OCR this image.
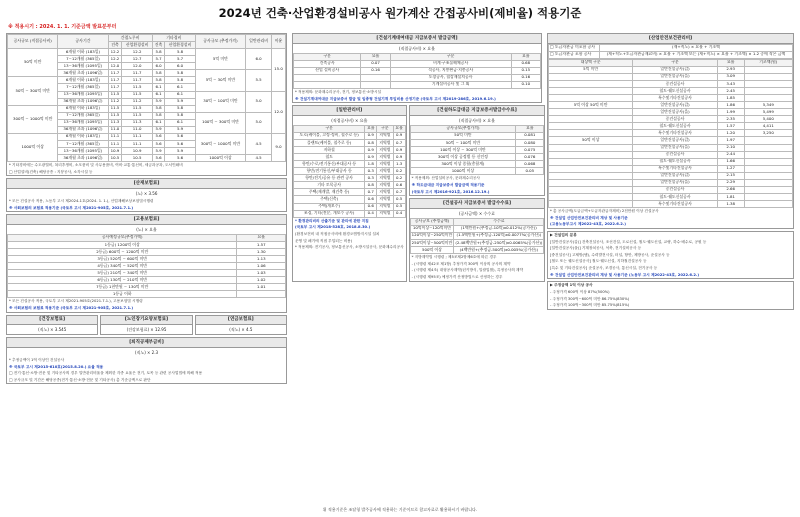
2024년 건축·산업환경설비공사 원가계산 간접공사비(제비율) 적용기준
※ 적용시기 : 2024. 1. 1. 기준금액 발표분부터
공사규모 (직접공사비)	공사기간	간접노무비		기타경비		공사규모 (추정가격)	일반관리비	이윤
		건축	산업환경설비	건축	산업환경설비			
50억 미만	6개월 이하 (183일)	12.2	12.2	5.8	5.8	5억 미만	6.0	15.0
	7~12개월 (365일)	12.2	12.7	5.7	5.7			
	13~36개월 (1095일)	12.0	12.0	6.0	6.0			
	36개월 초과 (1096일)	11.7	11.7	5.8	5.8	5억 ~ 30억 미만	5.5	
50억 ~ 300억 미만	6개월 이하 (183일)	11.7	11.7	5.8	5.8			
	7~12개월 (365일)	11.7	11.5	6.1	6.1			
	13~36개월 (1095일)	11.5	11.5	6.1	6.1	30억 ~ 100억 미만	5.0	12.0
	36개월 초과 (1096일)	11.2	11.2	5.9	5.9			
300억 ~ 1000억 미만	6개월 이하 (183일)	11.5	11.5	5.8	5.8			
	7~12개월 (365일)	11.5	11.5	5.8	5.8	100억 ~ 300억 미만	5.0	
	13~36개월 (1095일)	11.3	11.3	6.1	6.1			
	36개월 초과 (1096일)	11.0	11.0	5.9	5.9			
1000억 이상	6개월 이하 (183일)	11.1	11.1	5.6	5.6	300억 ~ 1000억 미만	4.5	9.0
	7~12개월 (365일)	11.1	11.1	5.6	5.6			
	13~36개월 (1095일)	10.9	10.9	5.9	5.9			
	36개월 초과 (1096일)	10.5	10.5	5.6	5.6	1000억 이상	4.5	
* 기타경비에는 수도광열비, 복리후생비, 소모품비 및 사무용품비, 여비·교통·통신비, 세금과공과, 도서인쇄비
□ 산업설비(건축) 해당공종 : 지붕공사, 소각시설 등
[산재보험료]
(노) × 3.56
* 모든 건설공사 적용, 노동부 고시 제2024-1호(2024. 1. 1.), 산업재해보상보험법시행령
※ 사회보험의 보험료 적용기준 (국토부 고시 제2021-905호, 2021.7.1.)
[고용보험료]
(노) × 요율
공사예정규모(추정가액)	요율
1등급) 1200억 이상	1.57
2등급) 600억 ~ 1200억 미만	1.30
3등급) 520억 ~ 600억 미만	1.13
4등급) 340억 ~ 520억 미만	1.06
5등급) 210억 ~ 340억 미만	1.03
6등급) 130억 ~ 210억 미만	1.02
7등급) 1천만원 ~ 130억 미만	1.01
1등급 이하	
* 모든 건설공사 적용, 국토부 고시 제2021-905호(2021.7.1.), 고용보험법 시행령
※ 사회보험의 보험료 적용기준 (국토부 고시 제2021-905호, 2021.7.1.)
[건강보험료]
(직노) × 3.545
[노인장기요양보험료]
(건강보험료) × 12.95
[연금보험료]
(직노) × 4.5
[퇴직공제부금비]
(직노) × 2.3
* 추정금액이 1억 이상인 건설공사
※ 국토부 고시 제2015-610호(2015.8.20.) 요율 적용
□ 전기·통신·소방·전문 및 기타공사의 경우 일반관리비율을 제외한 각종 요율은 전기, 토목 등 관련 공사업법에 의해 적용
□ 공사규모 및 기간은 해당공종(전기·통신·소방·전문 및 기타공사) 총 기준금액으로 판단
[건설기계대여대금 지급보증서 발급금액]
(직접공사비) × 요율
구분	요율	구분	요율
건축공사	0.07	비계·구조물해체공사	0.68
산업 설비공사	0.16	석공사, 지붕판금·지붕공사	0.15
		도장공사, 철강재설치공사	0.16
		기계설비공사 및 그 외	0.10
* 적용제외: 문화재수리공사, 전기, 정보통신·소방시설
※ 건설기계대여대금 지급보증서 발급 및 임종형 건설기계 투입비용 산정기준 (국토부 고시 제2019-286호, 2019.6.19.)
[일반관리비]
(직접공사비) × 요율
구분	요율	구분	요율
도로(케이블, 고정·정비, 철주로 등)	0.9	지역별	0.9
플랜트(케이블, 철주로 등)	0.8	지역별	0.7
지하철	0.9	지역별	0.9
철도	0.9	지역별	0.9
항만/수로/전기통신/부대공사 등	1.8	지역별	1.3
항만/전기통신/부대공사 등	0.3	지역별	0.2
항만/전기/공유 등 관련 공사	0.3	지역별	0.2
기타 토목공사	0.8	지역별	0.6
주택(재개발, 재건축 등)	0.7	지역별	0.7
주택(신축)	0.6	지역별	0.5
주택(개보수)	0.6	지역별	0.5
조경, 기타(전문, 개보수 공사)	0.4	지역별	0.4
* 환경관리비의 산출기준 및 관리에 관한 지침
(국토부 고시 제2018-528호, 2018.8.30.)
(환경보전비 내 직접공사비에 환경오염방지시설 설치
운영 및 폐기에 직접 투입되는 비용)
* 적용제외: 전기공사, 정보통신공사, 소방시설공사, 문화재수리공사
[건설하도급대금 지급보증서발급수수료]
(직접공사비) × 요율
공사규모(추정가격)	요율
50억 미만	0.081
50억 ~ 100억 미만	0.080
100억 이상 ~ 300억 미만	0.075
300억 이상 공정별 등 신인정	0.076
300억 이상 종합(총합계)	0.068
1000억 이상	0.05
* 적용제외: 산업설비공사, 문화재수리공사
※ 하도급대금 지급보증서 발급금액 적용기준
(국토부 고시 제2016-921호, 2016.12.19.)
[건설공사 지급보증서 발급수수료]
(공사금액) × 수수료
공사규모 (추정금액)	수수료
10억이상~120억미만	(1백만원+(추정금-10억)x0.012%(공가산))
120억이상~250억미만	(1.5백만원+(추정금-120억)x0.0077%(공가산))
250억이상~500억미만	(2.48백만원+(추정금-250억)x0.0065%(공가산))
500억 이상	(4백만원+(추정금-500억)x0.005%(공가산))
* 지방계약법 시행령 ; 제5조제2항제6호에 따른 경우
- (시행령 제42조 제1항) 추정가격 300억 이상의 공사의 계약
- (시행령 제4조) 대형공사계약(턴키방식, 일괄입찰), 특정공사의 계약
- (시행령 제95조) 예정가격 산정방법으로 산정하는 경우
[산업안전보건관리비]
□ 도급자관급 미포함 공사	(재+직노) × 요율 + 기초액
□ 도급자관급 포함 공사	(재+직노+도급자관급재료비) × 요율 + 기초액 또는 (재+직노) × 요율 + 기초액) × 1.2 중에 작은 금액
대상액 구분	구분	요율	기초액(원)
5억 미만	일반건설공사(갑)	2.93	
	일반건설공사(을)	3.09	
	중건설공사	3.43	
	철도·궤도신설공사	2.45	
	특수및기타건설공사	1.85	
5억 이상 50억 미만	일반건설공사(갑)	1.86	5,349
	일반건설공사(을)	1.99	5,499
	중건설공사	2.35	5,400
	철도·궤도신설공사	1.57	4,411
	특수및기타건설공사	1.20	3,250
50억 이상	일반건설공사(갑)	1.97	
	일반건설공사(을)	2.10	
	중건설공사	2.44	
	철도·궤도신설공사	1.66	
	특수및기타건설공사	1.27	
	일반건설공사(갑)	2.15	
	일반건설공사(을)	2.29	
	중건설공사	2.66	
	철도·궤도신설공사	1.81	
	특수및기타건설공사	1.38	
* 총 공사금액(도급금액+도급자관급자재비) 2천만원 이상 건설공사
※ 건설업 산업안전보건관리비 계상 및 사용기준
(고용노동부고시 제2022-43호, 2022.6.2.)
▶ 건설업의 분류
[일반건설공사(갑)] 건축건설공사, 조선건설, 도로신설, 철도·궤도신설, 교량, 하수·배수로, 공원 등
[일반건설공사(을)] 기계장치공사, 석축, 전기설비공사 등
[중건설공사] 고제방(댐), 수력발전시설, 터널, 항만, 제방공사, 준설공사 등
[철도 또는 궤도신설공사] 철도·궤도신설, 지하철건설공사 등
[특수 및 기타건설공사] 준설공사, 조경공사, 통신시설, 전기공사 등
※ 건설업 산업안전보건관리비 계상 및 사용기준 (노동부 고시 제2022-43호, 2022.6.2.)
▶ 주정금액 1억 이상 공사
- 주정가격 600억 이상 87%(500%)
- 주정가격 300억~600억 미만 86.75%(830%)
- 주정가격 100억~300억 미만 85.75%(815%)
위 적용기준은 조달청 발주공사에 적용하는 기준이므로 참고자료로 활용하시기 바랍니다.
